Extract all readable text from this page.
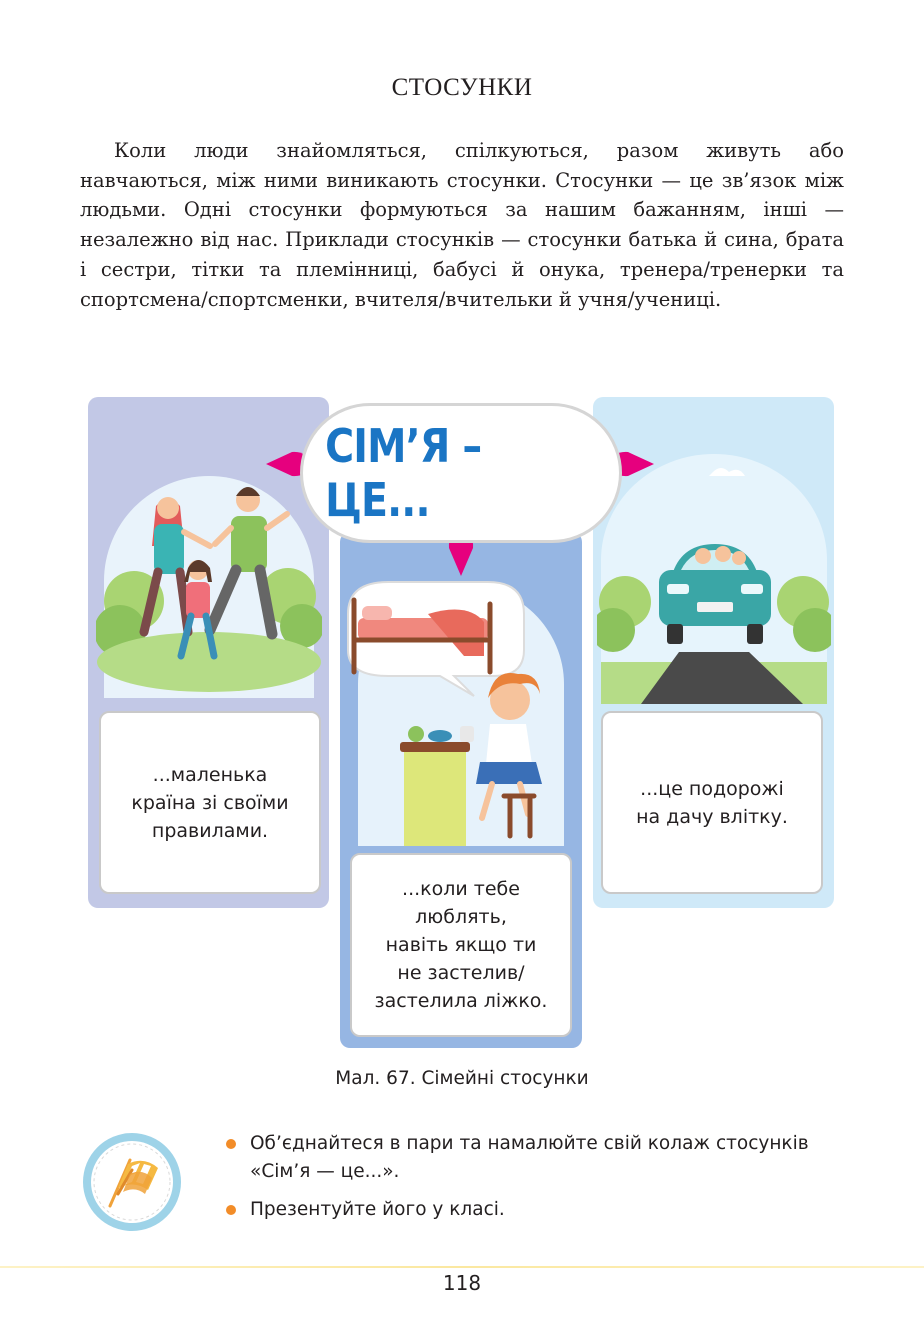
СТОСУНКИ

Коли люди знайомляться, спілкуються, разом живуть або навчаються, між ними виникають стосунки. Стосунки — це зв’язок між людьми. Одні стосунки формуються за нашим бажанням, інші — незалежно від нас. Приклади стосунків — стосунки батька й сина, брата і сестри, тітки та племінниці, бабусі й онука, тренера/тренерки та спортсмена/спортсменки, вчителя/вчительки й учня/учениці.

...маленька
країна зі своїми
правилами.
...це подорожі
на дачу влітку.
...коли тебе
люблять,
навіть якщо ти
не застелив/
застелила ліжко.
СІМ’Я – ЦЕ...
Мал. 67. Сімейні стосунки
Об’єднайтеся в пари та намалюйте свій колаж стосунків «Сім’я — це...».
Презентуйте його у класі.
118
